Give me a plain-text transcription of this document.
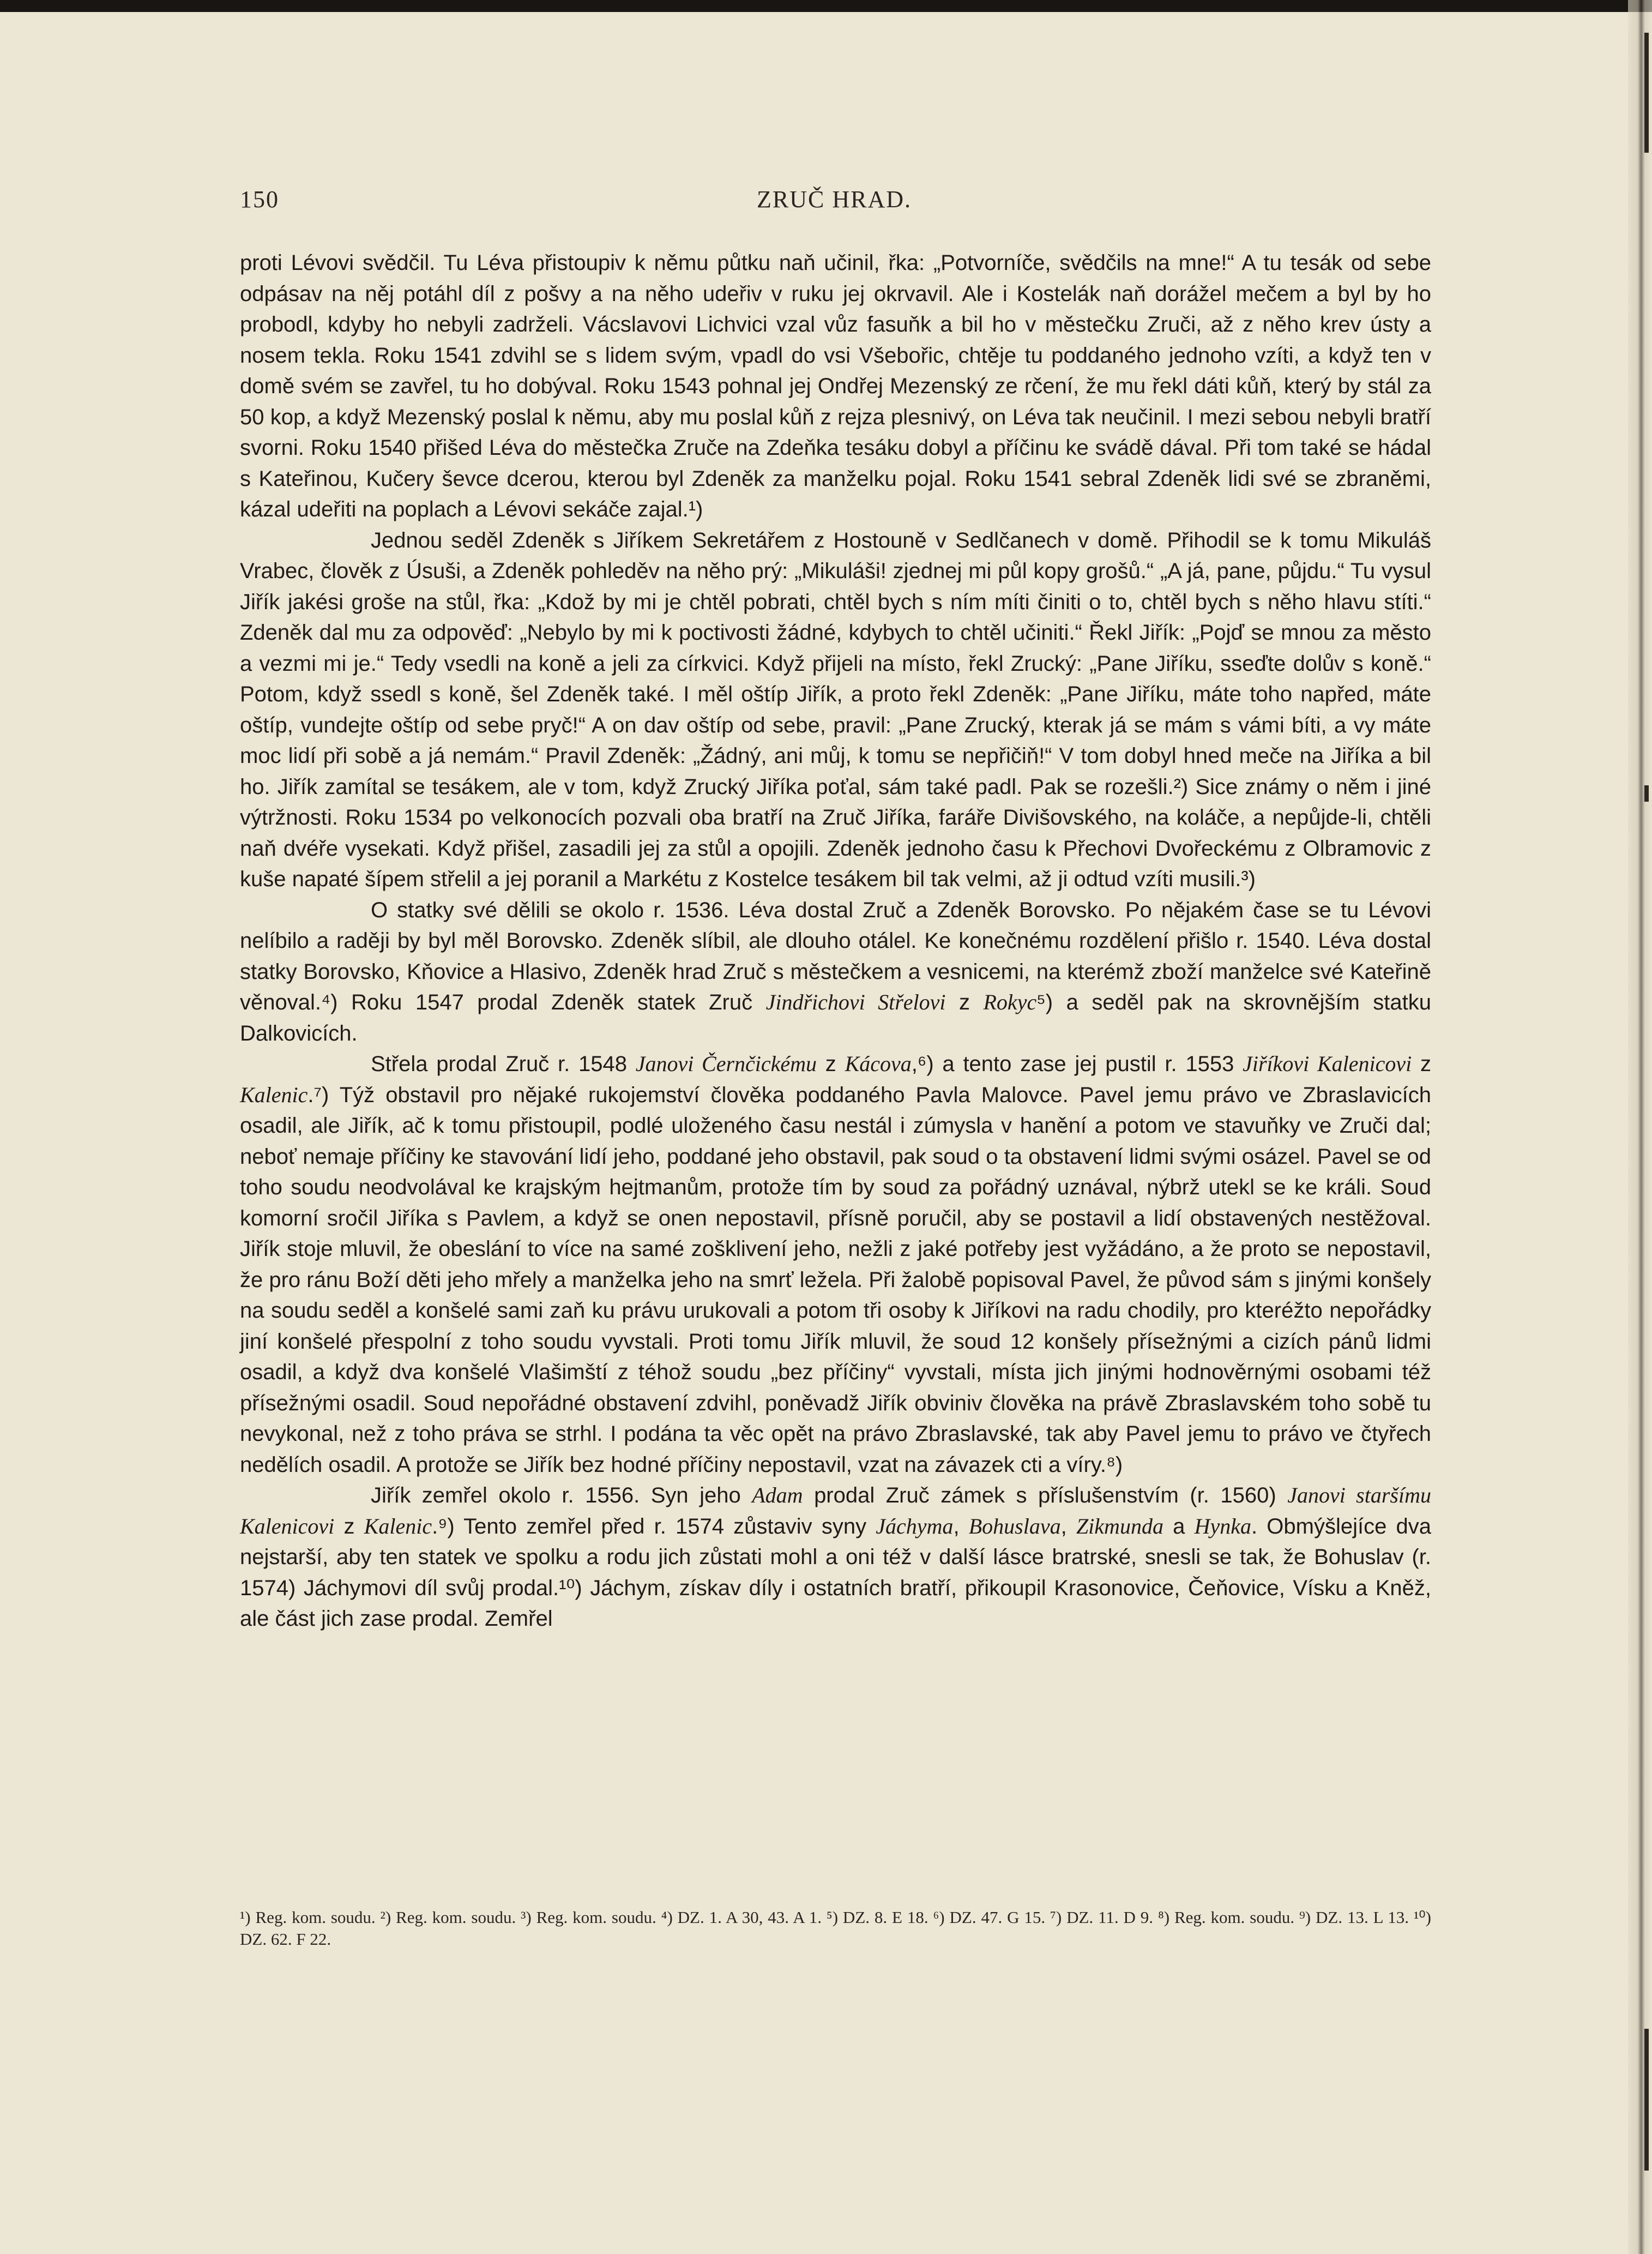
150	ZRUČ HRAD.

proti Lévovi svědčil. Tu Léva přistoupiv k němu půtku naň učinil, řka: „Potvorníče, svědčils na mne!“ A tu tesák od sebe odpásav na něj potáhl díl z pošvy a na něho udeřiv v ruku jej okrvavil. Ale i Kostelák naň dorážel mečem a byl by ho probodl, kdyby ho nebyli zadrželi. Vácslavovi Lichvici vzal vůz fasuňk a bil ho v městečku Zruči, až z něho krev ústy a nosem tekla. Roku 1541 zdvihl se s lidem svým, vpadl do vsi Všebořic, chtěje tu poddaného jednoho vzíti, a když ten v domě svém se zavřel, tu ho dobýval. Roku 1543 pohnal jej Ondřej Mezenský ze rčení, že mu řekl dáti kůň, který by stál za 50 kop, a když Mezenský poslal k němu, aby mu poslal kůň z rejza plesnivý, on Léva tak neučinil. I mezi sebou nebyli bratří svorni. Roku 1540 přišed Léva do městečka Zruče na Zdeňka tesáku dobyl a příčinu ke svádě dával. Při tom také se hádal s Kateřinou, Kučery ševce dcerou, kterou byl Zdeněk za manželku pojal. Roku 1541 sebral Zdeněk lidi své se zbraněmi, kázal udeřiti na poplach a Lévovi sekáče zajal.¹)

Jednou seděl Zdeněk s Jiříkem Sekretářem z Hostouně v Sedlčanech v domě. Přihodil se k tomu Mikuláš Vrabec, člověk z Úsuši, a Zdeněk pohleděv na něho prý: „Mikuláši! zjednej mi půl kopy grošů.“ „A já, pane, půjdu.“ Tu vysul Jiřík jakési groše na stůl, řka: „Kdož by mi je chtěl pobrati, chtěl bych s ním míti činiti o to, chtěl bych s něho hlavu stíti.“ Zdeněk dal mu za odpověď: „Nebylo by mi k poctivosti žádné, kdybych to chtěl učiniti.“ Řekl Jiřík: „Pojď se mnou za město a vezmi mi je.“ Tedy vsedli na koně a jeli za církvici. Když přijeli na místo, řekl Zrucký: „Pane Jiříku, sseďte dolův s koně.“ Potom, když ssedl s koně, šel Zdeněk také. I měl oštíp Jiřík, a proto řekl Zdeněk: „Pane Jiříku, máte toho napřed, máte oštíp, vundejte oštíp od sebe pryč!“ A on dav oštíp od sebe, pravil: „Pane Zrucký, kterak já se mám s vámi bíti, a vy máte moc lidí při sobě a já nemám.“ Pravil Zdeněk: „Žádný, ani můj, k tomu se nepřičiň!“ V tom dobyl hned meče na Jiříka a bil ho. Jiřík zamítal se tesákem, ale v tom, když Zrucký Jiříka poťal, sám také padl. Pak se rozešli.²) Sice známy o něm i jiné výtržnosti. Roku 1534 po velkonocích pozvali oba bratří na Zruč Jiříka, faráře Divišovského, na koláče, a nepůjde-li, chtěli naň dvéře vysekati. Když přišel, zasadili jej za stůl a opojili. Zdeněk jednoho času k Přechovi Dvořeckému z Olbramovic z kuše napaté šípem střelil a jej poranil a Markétu z Kostelce tesákem bil tak velmi, až ji odtud vzíti musili.³)

O statky své dělili se okolo r. 1536. Léva dostal Zruč a Zdeněk Borovsko. Po nějakém čase se tu Lévovi nelíbilo a raději by byl měl Borovsko. Zdeněk slíbil, ale dlouho otálel. Ke konečnému rozdělení přišlo r. 1540. Léva dostal statky Borovsko, Kňovice a Hlasivo, Zdeněk hrad Zruč s městečkem a vesnicemi, na kterémž zboží manželce své Kateřině věnoval.⁴) Roku 1547 prodal Zdeněk statek Zruč Jindřichovi Střelovi z Rokyc⁵) a seděl pak na skrovnějším statku Dalkovicích.

Střela prodal Zruč r. 1548 Janovi Černčickému z Kácova,⁶) a tento zase jej pustil r. 1553 Jiříkovi Kalenicovi z Kalenic.⁷) Týž obstavil pro nějaké rukojemství člověka poddaného Pavla Malovce. Pavel jemu právo ve Zbraslavicích osadil, ale Jiřík, ač k tomu přistoupil, podlé uloženého času nestál i zúmysla v hanění a potom ve stavuňky ve Zruči dal; neboť nemaje příčiny ke stavování lidí jeho, poddané jeho obstavil, pak soud o ta obstavení lidmi svými osázel. Pavel se od toho soudu neodvolával ke krajským hejtmanům, protože tím by soud za pořádný uznával, nýbrž utekl se ke králi. Soud komorní sročil Jiříka s Pavlem, a když se onen nepostavil, přísně poručil, aby se postavil a lidí obstavených nestěžoval. Jiřík stoje mluvil, že obeslání to více na samé zošklivení jeho, nežli z jaké potřeby jest vyžádáno, a že proto se nepostavil, že pro ránu Boží děti jeho mřely a manželka jeho na smrť ležela. Při žalobě popisoval Pavel, že původ sám s jinými konšely na soudu seděl a konšelé sami zaň ku právu urukovali a potom tři osoby k Jiříkovi na radu chodily, pro kteréžto nepořádky jiní konšelé přespolní z toho soudu vyvstali. Proti tomu Jiřík mluvil, že soud 12 konšely přísežnými a cizích pánů lidmi osadil, a když dva konšelé Vlašimští z téhož soudu „bez příčiny“ vyvstali, místa jich jinými hodnověrnými osobami též přísežnými osadil. Soud nepořádné obstavení zdvihl, poněvadž Jiřík obviniv člověka na právě Zbraslavském toho sobě tu nevykonal, než z toho práva se strhl. I podána ta věc opět na právo Zbraslavské, tak aby Pavel jemu to právo ve čtyřech nedělích osadil. A protože se Jiřík bez hodné příčiny nepostavil, vzat na závazek cti a víry.⁸)

Jiřík zemřel okolo r. 1556. Syn jeho Adam prodal Zruč zámek s příslušenstvím (r. 1560) Janovi staršímu Kalenicovi z Kalenic.⁹) Tento zemřel před r. 1574 zůstaviv syny Jáchyma, Bohuslava, Zikmunda a Hynka. Obmýšlejíce dva nejstarší, aby ten statek ve spolku a rodu jich zůstati mohl a oni též v další lásce bratrské, snesli se tak, že Bohuslav (r. 1574) Jáchymovi díl svůj prodal.¹⁰) Jáchym, získav díly i ostatních bratří, přikoupil Krasonovice, Čeňovice, Vísku a Kněž, ale část jich zase prodal. Zemřel

¹) Reg. kom. soudu. ²) Reg. kom. soudu. ³) Reg. kom. soudu. ⁴) DZ. 1. A 30, 43. A 1. ⁵) DZ. 8. E 18. ⁶) DZ. 47. G 15. ⁷) DZ. 11. D 9. ⁸) Reg. kom. soudu. ⁹) DZ. 13. L 13. ¹⁰) DZ. 62. F 22.
